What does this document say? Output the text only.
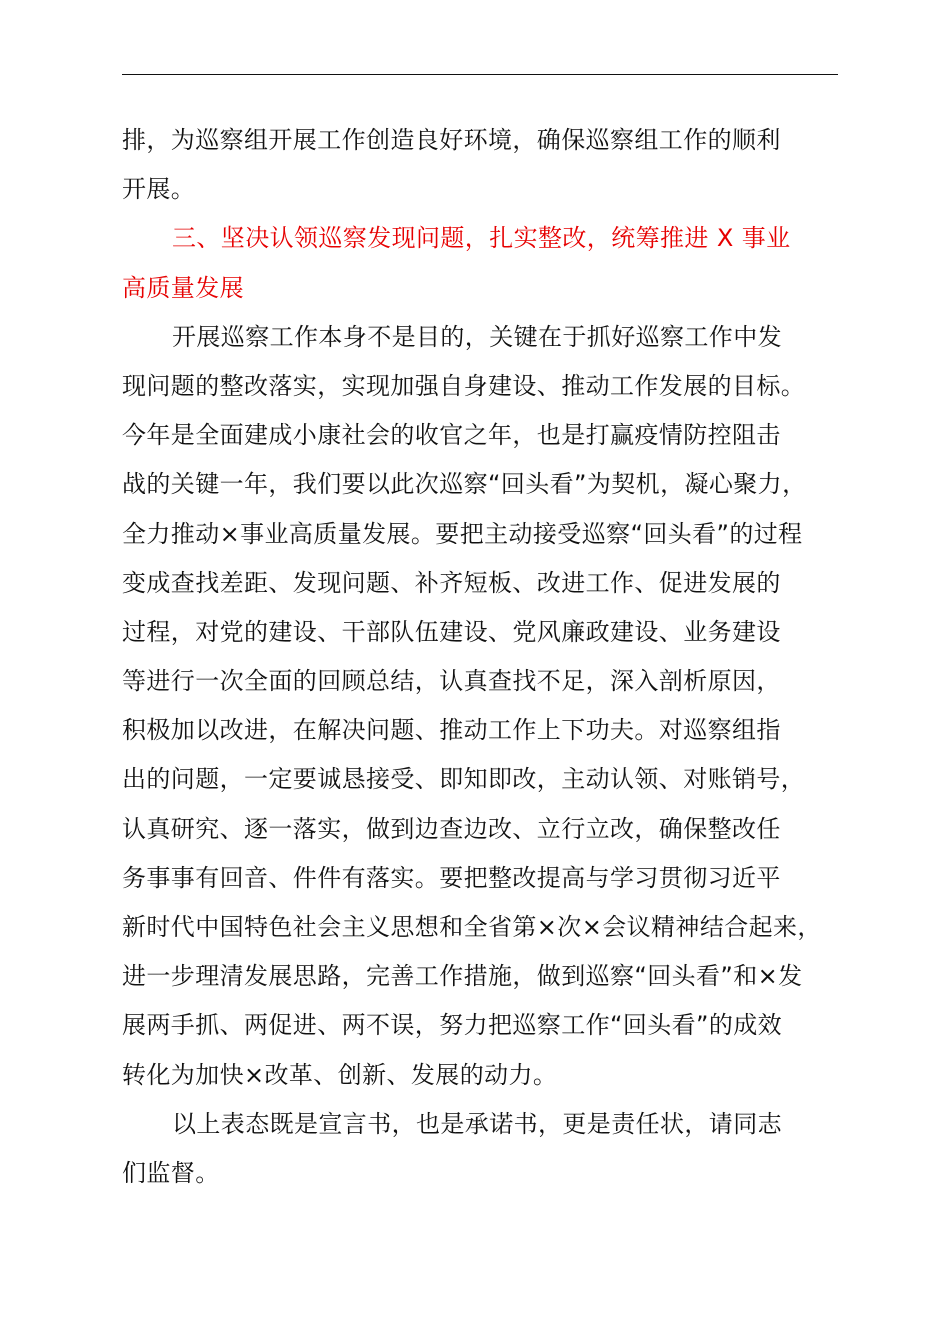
排，为巡察组开展工作创造良好环境，确保巡察组工作的顺利
开展。
三、坚决认领巡察发现问题，扎实整改，统筹推进 X 事业
高质量发展
开展巡察工作本身不是目的，关键在于抓好巡察工作中发
现问题的整改落实，实现加强自身建设、推动工作发展的目标。
今年是全面建成小康社会的收官之年，也是打赢疫情防控阻击
战的关键一年，我们要以此次巡察“回头看”为契机，凝心聚力，
全力推动×事业高质量发展。要把主动接受巡察“回头看”的过程
变成查找差距、发现问题、补齐短板、改进工作、促进发展的
过程，对党的建设、干部队伍建设、党风廉政建设、业务建设
等进行一次全面的回顾总结，认真查找不足，深入剖析原因，
积极加以改进，在解决问题、推动工作上下功夫。对巡察组指
出的问题，一定要诚恳接受、即知即改，主动认领、对账销号，
认真研究、逐一落实，做到边查边改、立行立改，确保整改任
务事事有回音、件件有落实。要把整改提高与学习贯彻习近平
新时代中国特色社会主义思想和全省第×次×会议精神结合起来，
进一步理清发展思路，完善工作措施，做到巡察“回头看”和×发
展两手抓、两促进、两不误，努力把巡察工作“回头看”的成效
转化为加快×改革、创新、发展的动力。
以上表态既是宣言书，也是承诺书，更是责任状，请同志
们监督。
